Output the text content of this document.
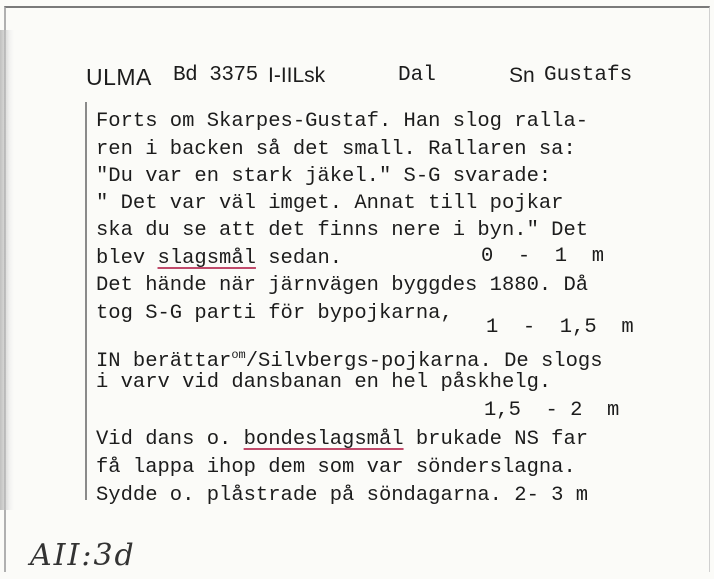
ULMA Bd 3375 I-IILsk	Dal	Sn Gustafs
Forts om Skarpes-Gustaf. Han slog ralla-
ren i backen så det small. Rallaren sa:
"Du var en stark jäkel." S-G svarade:
" Det var väl imget. Annat till pojkar
ska du se att det finns nere i byn." Det
blev slagsmål sedan.	0  -  1  m
Det hände när järnvägen byggdes 1880. Då
tog S-G parti för bypojkarna,
1  -  1,5  m
IN berättar$^{om}$/Silvbergs-pojkarna. De slogs
i varv vid dansbanan en hel påskhelg.
1,5  - 2  m
Vid dans o. bondeslagsmål brukade NS far
få lappa ihop dem som var sönderslagna.
Sydde o. plåstrade på söndagarna. 2- 3 m
AII:3d
